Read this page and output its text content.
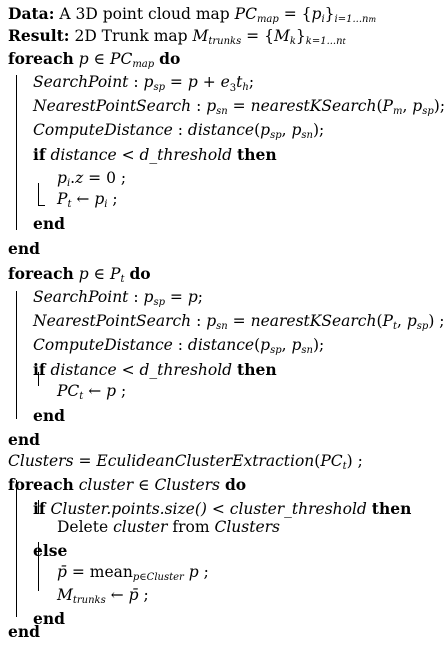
Data: A 3D point cloud map $PC_{map} = \{p_i\}_{i=1...nm}$
Result: 2D Trunk map $M_{trunks} = \{M_k\}_{k=1...nt}$
foreach p ∈ $PC_{map}$ do
SearchPoint : $p_{sp} = p + e_3t_h$;
NearestPointSearch : $p_{sn}$ = $nearestKSearch(P_m$, $p_{sp}$);
ComputeDistance : $distance(p_{sp}$, $p_{sn}$);
if distance < d_threshold then
$p_i.z = 0$ ;
$P_t$ ← $p_i$ ;
end
end
foreach p ∈ $P_t$ do
SearchPoint : $p_{sp} = p$;
NearestPointSearch : $p_{sn}$ = $nearestKSearch(P_t$, $p_{sp}$) ;
ComputeDistance : $distance(p_{sp}$, $p_{sn}$);
if distance < d_threshold then
$PC_t$ ← p ;
end
end
Clusters = $EculideanClusterExtraction(PC_t)$ ;
foreach cluster ∈ Clusters do
if Cluster.points.size() < cluster_threshold then
Delete cluster from Clusters
else
p̄ = mean$_{p\in Cluster}$ p ;
$M_{trunks}$ ← p̄ ;
end
end
